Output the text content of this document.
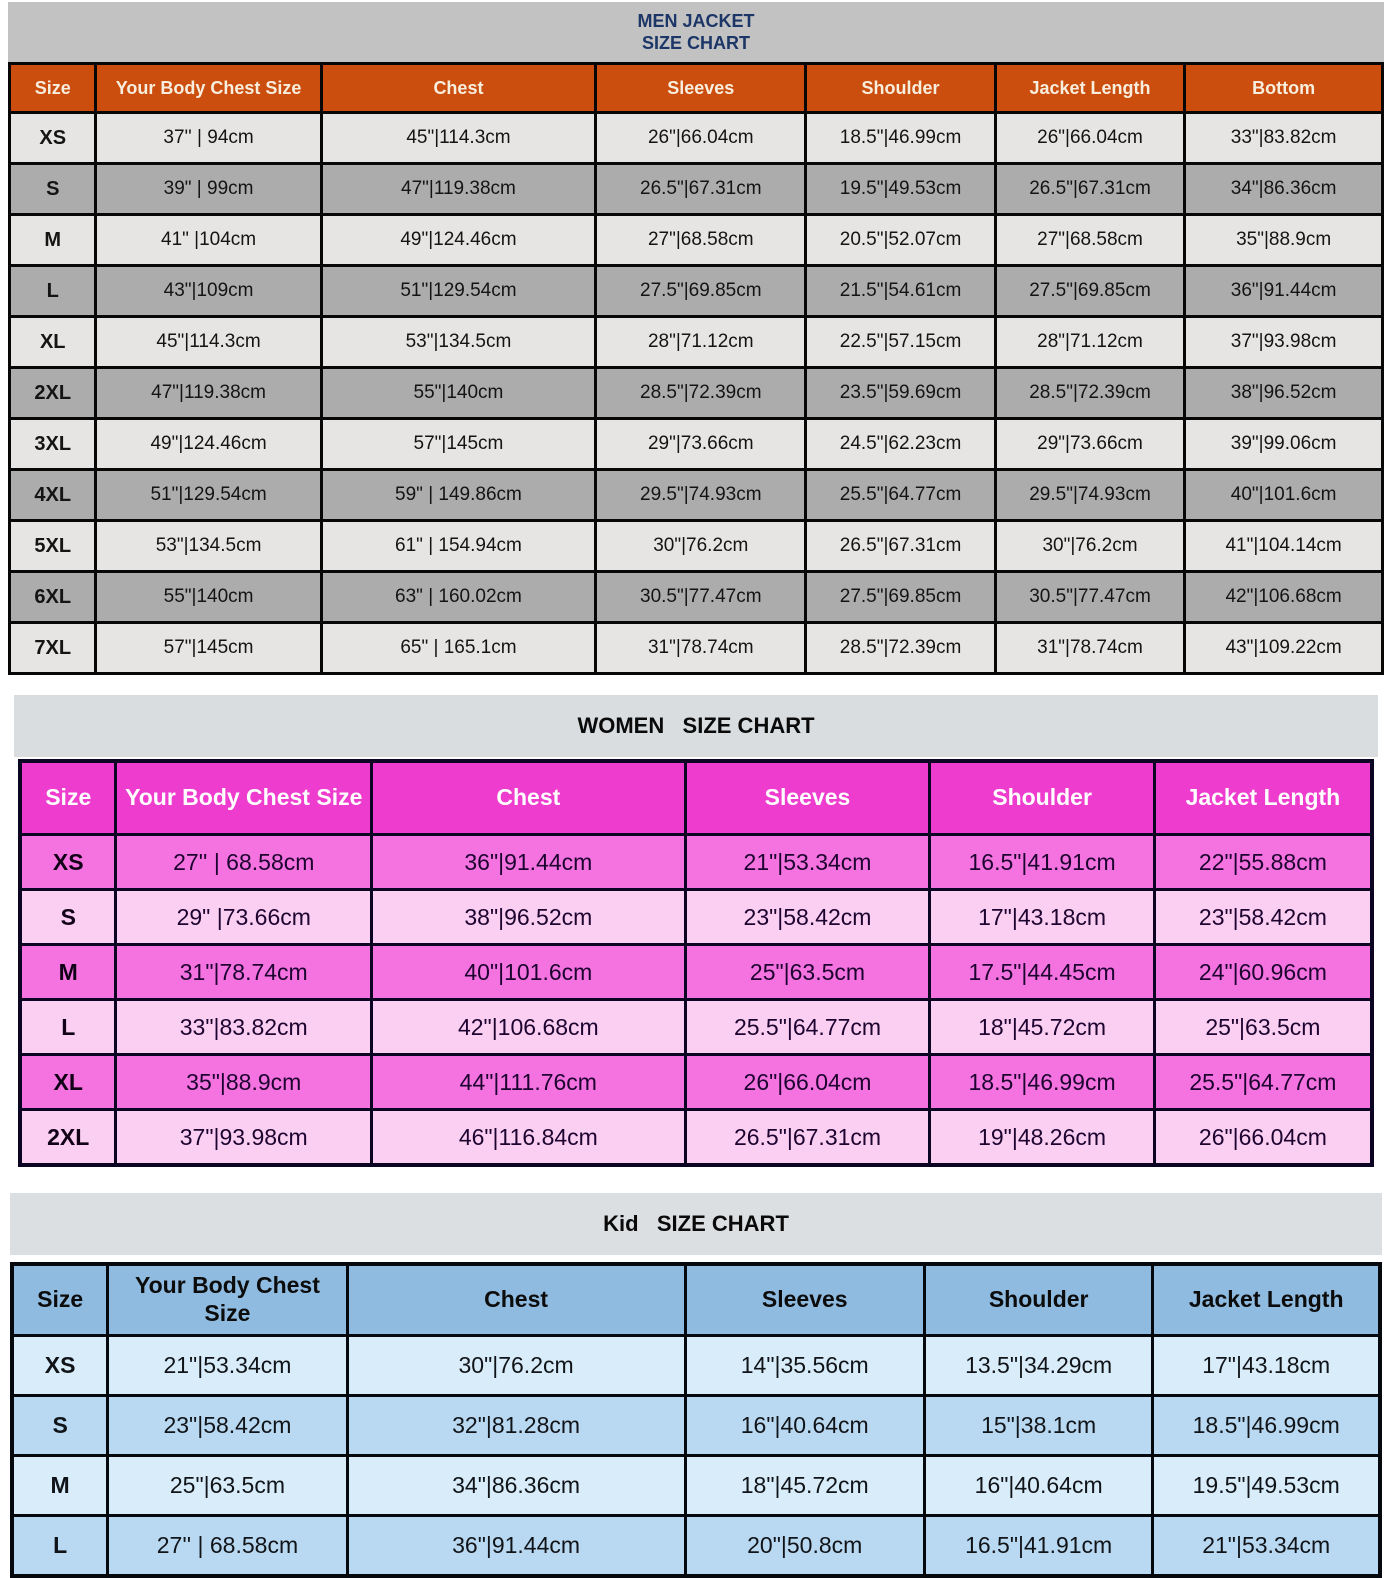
MEN JACKET
SIZE CHART
Size	Your Body Chest Size	Chest	Sleeves	Shoulder	Jacket Length	Bottom
XS	37'' | 94cm	45"|114.3cm	26"|66.04cm	18.5"|46.99cm	26"|66.04cm	33"|83.82cm
S	39" | 99cm	47"|119.38cm	26.5"|67.31cm	19.5"|49.53cm	26.5"|67.31cm	34"|86.36cm
M	41" |104cm	49"|124.46cm	27"|68.58cm	20.5"|52.07cm	27"|68.58cm	35"|88.9cm
L	43"|109cm	51"|129.54cm	27.5"|69.85cm	21.5"|54.61cm	27.5"|69.85cm	36"|91.44cm
XL	45"|114.3cm	53"|134.5cm	28"|71.12cm	22.5"|57.15cm	28"|71.12cm	37"|93.98cm
2XL	47"|119.38cm	55"|140cm	28.5"|72.39cm	23.5"|59.69cm	28.5"|72.39cm	38"|96.52cm
3XL	49"|124.46cm	57"|145cm	29"|73.66cm	24.5"|62.23cm	29"|73.66cm	39"|99.06cm
4XL	51"|129.54cm	59" | 149.86cm	29.5"|74.93cm	25.5"|64.77cm	29.5"|74.93cm	40"|101.6cm
5XL	53"|134.5cm	61" | 154.94cm	30"|76.2cm	26.5"|67.31cm	30"|76.2cm	41"|104.14cm
6XL	55"|140cm	63" | 160.02cm	30.5"|77.47cm	27.5"|69.85cm	30.5"|77.47cm	42"|106.68cm
7XL	57"|145cm	65" | 165.1cm	31"|78.74cm	28.5"|72.39cm	31"|78.74cm	43"|109.22cm
WOMEN   SIZE CHART
Size	Your Body Chest Size	Chest	Sleeves	Shoulder	Jacket Length
XS	27'' | 68.58cm	36"|91.44cm	21"|53.34cm	16.5"|41.91cm	22"|55.88cm
S	29" |73.66cm	38"|96.52cm	23"|58.42cm	17"|43.18cm	23"|58.42cm
M	31"|78.74cm	40"|101.6cm	25"|63.5cm	17.5"|44.45cm	24"|60.96cm
L	33"|83.82cm	42"|106.68cm	25.5"|64.77cm	18"|45.72cm	25"|63.5cm
XL	35"|88.9cm	44"|111.76cm	26"|66.04cm	18.5"|46.99cm	25.5"|64.77cm
2XL	37"|93.98cm	46"|116.84cm	26.5"|67.31cm	19"|48.26cm	26"|66.04cm
Kid   SIZE CHART
Size	Your Body Chest Size	Chest	Sleeves	Shoulder	Jacket Length
XS	21"|53.34cm	30"|76.2cm	14"|35.56cm	13.5"|34.29cm	17"|43.18cm
S	23"|58.42cm	32"|81.28cm	16"|40.64cm	15"|38.1cm	18.5"|46.99cm
M	25"|63.5cm	34"|86.36cm	18"|45.72cm	16"|40.64cm	19.5"|49.53cm
L	27'' | 68.58cm	36"|91.44cm	20"|50.8cm	16.5"|41.91cm	21"|53.34cm
